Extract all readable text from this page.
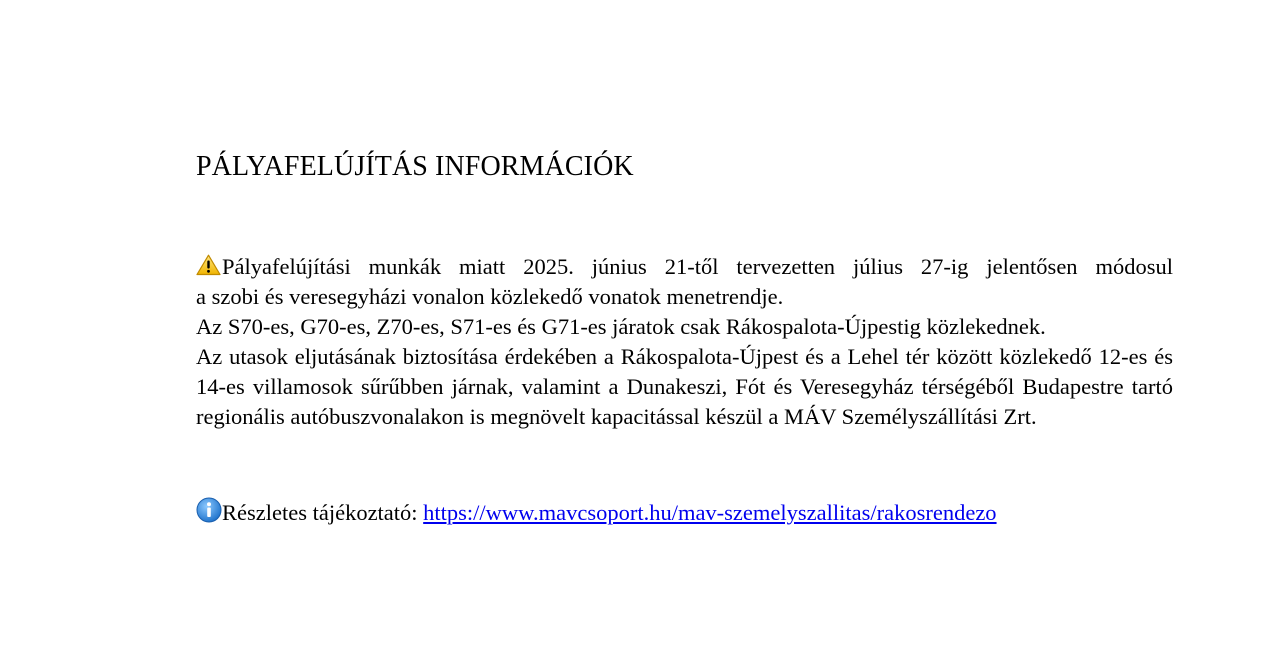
PÁLYAFELÚJÍTÁS INFORMÁCIÓK
Pályafelújítási munkák miatt 2025. június 21-től tervezetten július 27-ig jelentősen módosul
a szobi és veresegyházi vonalon közlekedő vonatok menetrendje.
Az S70-es, G70-es, Z70-es, S71-es és G71-es járatok csak Rákospalota-Újpestig közlekednek.
Az utasok eljutásának biztosítása érdekében a Rákospalota-Újpest és a Lehel tér között közlekedő 12-es és 14-es villamosok sűrűbben járnak, valamint a Dunakeszi, Fót és Veresegyház térségéből Budapestre tartó regionális autóbuszvonalakon is megnövelt kapacitással készül a MÁV Személyszállítási Zrt.

Részletes tájékoztató: https://www.mavcsoport.hu/mav-szemelyszallitas/rakosrendezo
